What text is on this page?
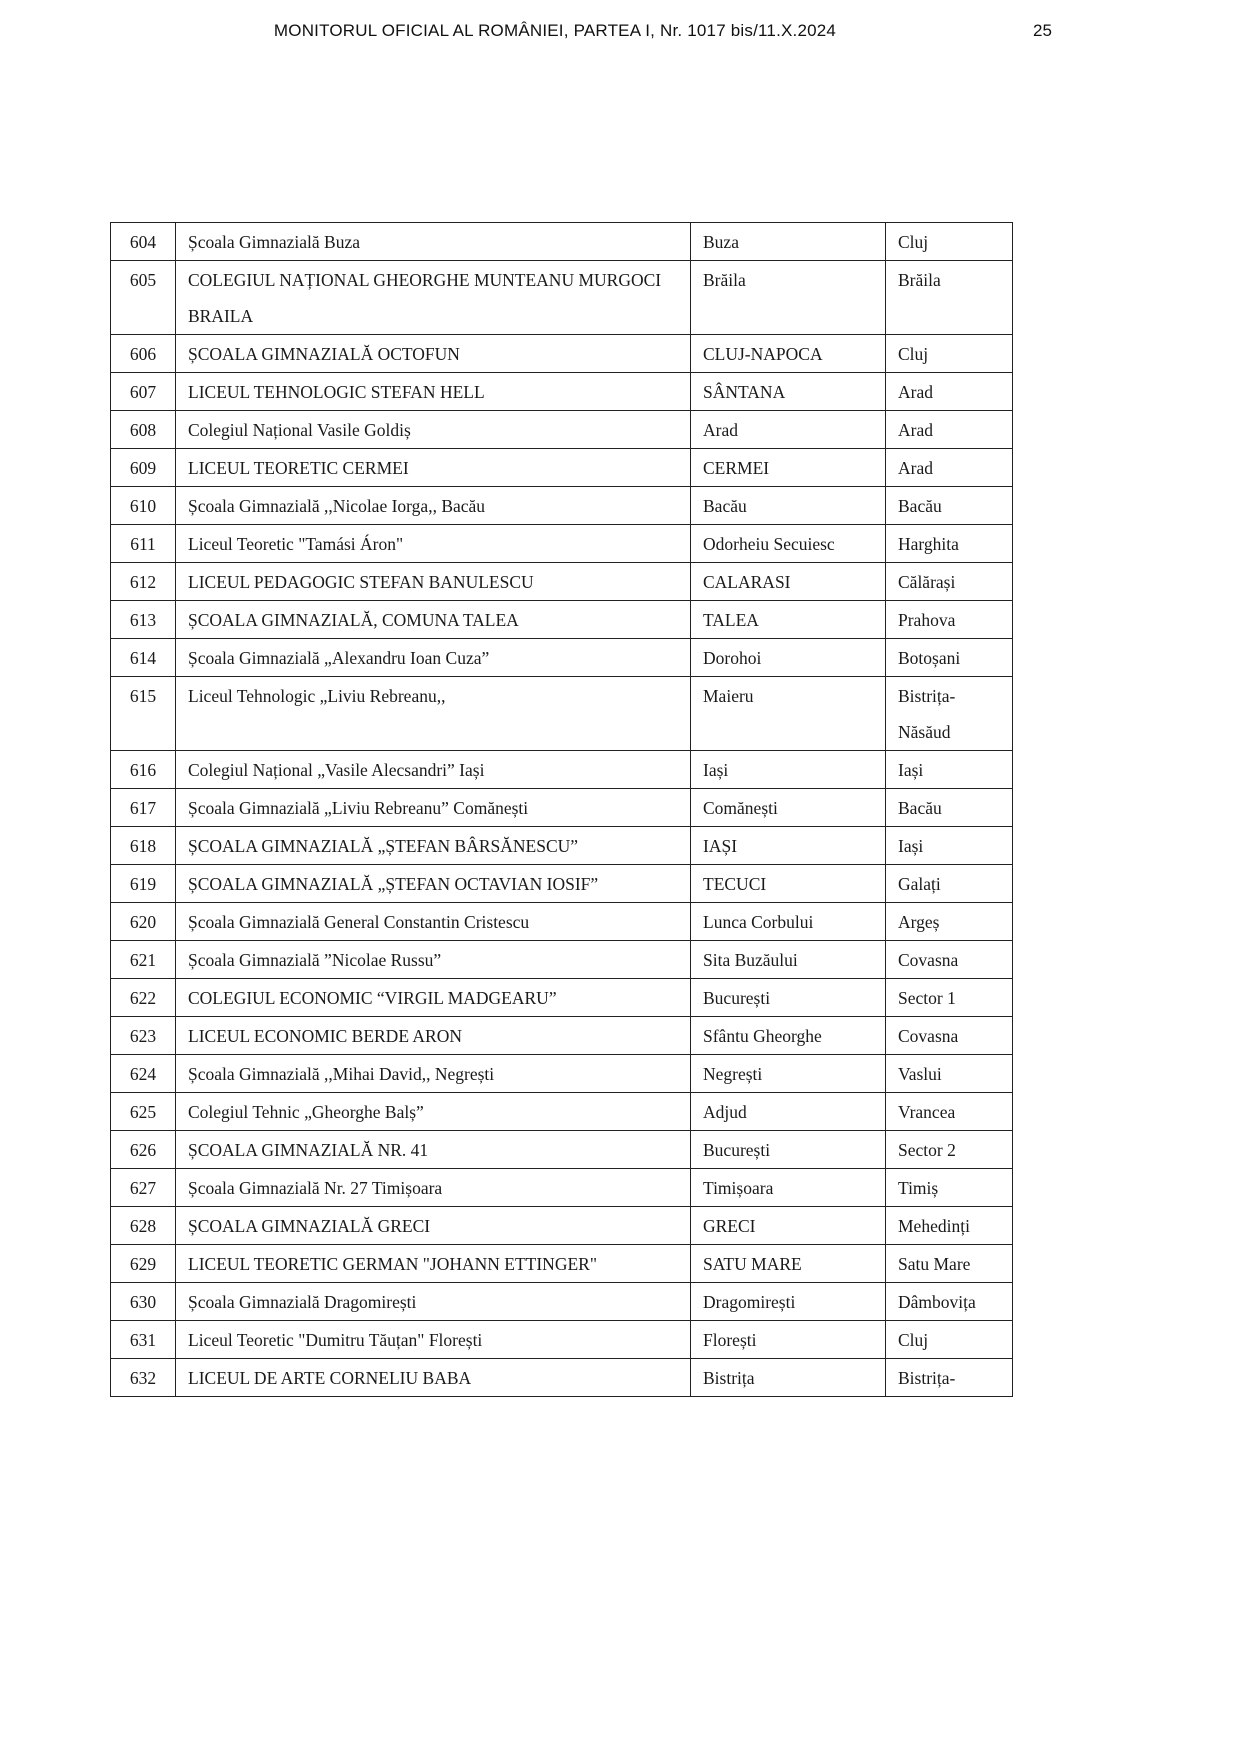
MONITORUL OFICIAL AL ROMÂNIEI, PARTEA I, Nr. 1017 bis/11.X.2024	25
604	Școala Gimnazială Buza	Buza	Cluj
605	COLEGIUL NAȚIONAL GHEORGHE MUNTEANU MURGOCI BRAILA	Brăila	Brăila
606	ȘCOALA GIMNAZIALĂ OCTOFUN	CLUJ-NAPOCA	Cluj
607	LICEUL TEHNOLOGIC STEFAN HELL	SÂNTANA	Arad
608	Colegiul Național Vasile Goldiș	Arad	Arad
609	LICEUL TEORETIC CERMEI	CERMEI	Arad
610	Școala Gimnazială ,,Nicolae Iorga,, Bacău	Bacău	Bacău
611	Liceul Teoretic "Tamási Áron"	Odorheiu Secuiesc	Harghita
612	LICEUL PEDAGOGIC STEFAN BANULESCU	CALARASI	Călărași
613	ȘCOALA GIMNAZIALĂ, COMUNA TALEA	TALEA	Prahova
614	Școala Gimnazială „Alexandru Ioan Cuza”	Dorohoi	Botoșani
615	Liceul Tehnologic „Liviu Rebreanu,,	Maieru	Bistrița-Năsăud
616	Colegiul Național „Vasile Alecsandri” Iași	Iași	Iași
617	Școala Gimnazială „Liviu Rebreanu” Comănești	Comănești	Bacău
618	ȘCOALA GIMNAZIALĂ „ȘTEFAN BÂRSĂNESCU”	IAȘI	Iași
619	ȘCOALA GIMNAZIALĂ „ȘTEFAN OCTAVIAN IOSIF”	TECUCI	Galați
620	Școala Gimnazială General Constantin Cristescu	Lunca Corbului	Argeș
621	Școala Gimnazială ”Nicolae Russu”	Sita Buzăului	Covasna
622	COLEGIUL ECONOMIC “VIRGIL MADGEARU”	București	Sector 1
623	LICEUL ECONOMIC BERDE ARON	Sfântu Gheorghe	Covasna
624	Școala Gimnazială ,,Mihai David,, Negrești	Negrești	Vaslui
625	Colegiul Tehnic „Gheorghe Balș”	Adjud	Vrancea
626	ȘCOALA GIMNAZIALĂ NR. 41	București	Sector 2
627	Școala Gimnazială Nr. 27 Timișoara	Timișoara	Timiș
628	ȘCOALA GIMNAZIALĂ GRECI	GRECI	Mehedinți
629	LICEUL TEORETIC GERMAN "JOHANN ETTINGER"	SATU MARE	Satu Mare
630	Școala Gimnazială Dragomirești	Dragomirești	Dâmbovița
631	Liceul Teoretic "Dumitru Tăuțan" Florești	Florești	Cluj
632	LICEUL DE ARTE CORNELIU BABA	Bistrița	Bistrița-
